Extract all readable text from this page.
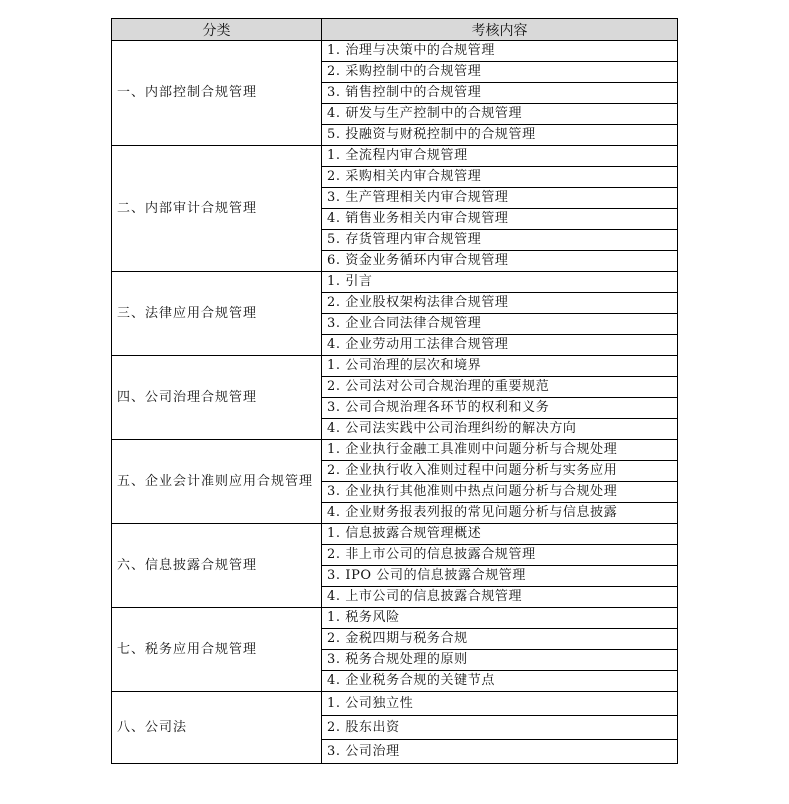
分类	考核内容
一、内部控制合规管理	1. 治理与决策中的合规管理
	2. 采购控制中的合规管理
	3. 销售控制中的合规管理
	4. 研发与生产控制中的合规管理
	5. 投融资与财税控制中的合规管理
二、内部审计合规管理	1. 全流程内审合规管理
	2. 采购相关内审合规管理
	3. 生产管理相关内审合规管理
	4. 销售业务相关内审合规管理
	5. 存货管理内审合规管理
	6. 资金业务循环内审合规管理
三、法律应用合规管理	1. 引言
	2. 企业股权架构法律合规管理
	3. 企业合同法律合规管理
	4. 企业劳动用工法律合规管理
四、公司治理合规管理	1. 公司治理的层次和境界
	2. 公司法对公司合规治理的重要规范
	3. 公司合规治理各环节的权利和义务
	4. 公司法实践中公司治理纠纷的解决方向
五、企业会计准则应用合规管理	1. 企业执行金融工具准则中问题分析与合规处理
	2. 企业执行收入准则过程中问题分析与实务应用
	3. 企业执行其他准则中热点问题分析与合规处理
	4. 企业财务报表列报的常见问题分析与信息披露
六、信息披露合规管理	1. 信息披露合规管理概述
	2. 非上市公司的信息披露合规管理
	3. IPO 公司的信息披露合规管理
	4. 上市公司的信息披露合规管理
七、税务应用合规管理	1. 税务风险
	2. 金税四期与税务合规
	3. 税务合规处理的原则
	4. 企业税务合规的关键节点
八、公司法	1. 公司独立性
	2. 股东出资
	3. 公司治理
